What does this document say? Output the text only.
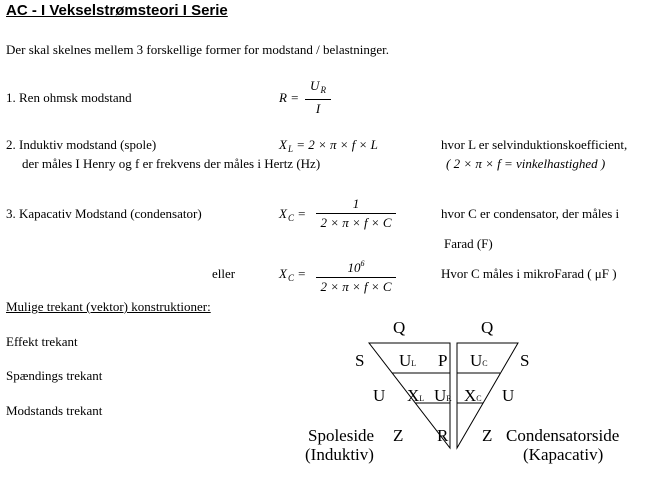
AC - I Vekselstrømsteori I Serie
Der skal skelnes mellem 3 forskellige former for modstand / belastninger.
1. Ren ohmsk modstand	R =
$U_R$
I
2. Induktiv modstand (spole)	$X_L = 2 \times \pi \times f \times L$	hvor L er selvinduktionskoefficient,
der måles I Henry og f er frekvens der måles i Hertz (Hz)	( 2 × π × f = vinkelhastighed )
3. Kapacativ Modstand (condensator)	$X_C$ =
1
2 × π × f × C
hvor C er condensator, der måles i
Farad (F)
eller	$X_C$ =	$10^6$
2 × π × f × C
Hvor C måles i mikroFarad ( μF )
Mulige trekant (vektor) konstruktioner:
Effekt trekant
Spændings trekant
Modstands trekant
Q
S UL
U XL
Z
Spoleside
(Induktiv)
P
UR
R
Q
S
UC
U
XC
Z Condensatorside
(Kapacativ)
